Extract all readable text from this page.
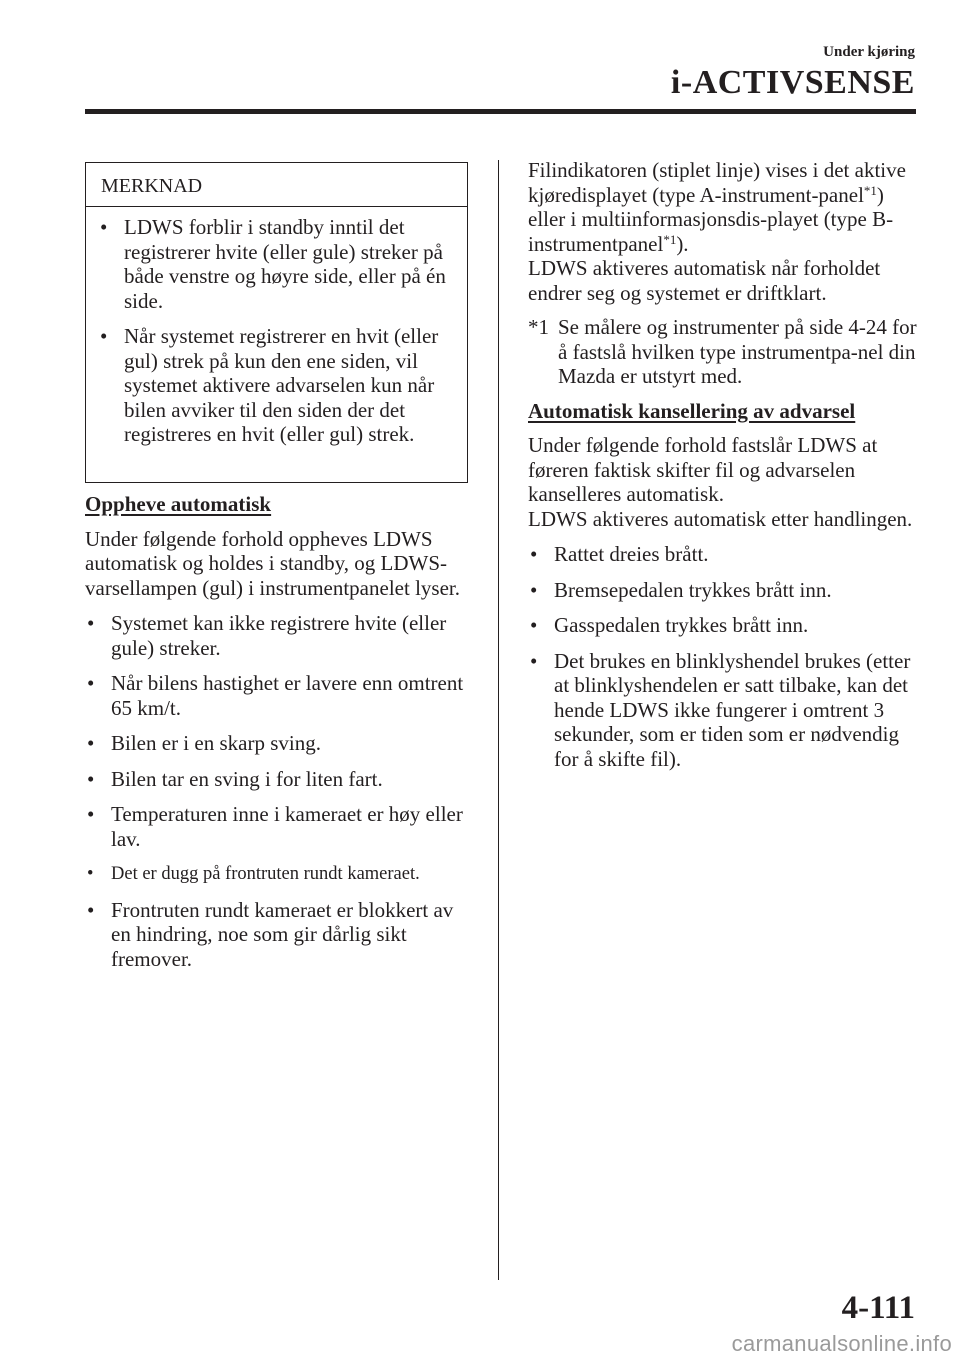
Under kjøring
i-ACTIVSENSE
MERKNAD
• LDWS forblir i standby inntil det registrerer hvite (eller gule) streker på både venstre og høyre side, eller på én side.
• Når systemet registrerer en hvit (eller gul) strek på kun den ene siden, vil systemet aktivere advarselen kun når bilen avviker til den siden der det registreres en hvit (eller gul) strek.
Oppheve automatisk

Under følgende forhold oppheves LDWS automatisk og holdes i standby, og LDWS-varsellampen (gul) i instrumentpanelet lyser.

• Systemet kan ikke registrere hvite (eller gule) streker.
• Når bilens hastighet er lavere enn omtrent 65 km/t.
• Bilen er i en skarp sving.
• Bilen tar en sving i for liten fart.
• Temperaturen inne i kameraet er høy eller lav.
• Det er dugg på frontruten rundt kameraet.
• Frontruten rundt kameraet er blokkert av en hindring, noe som gir dårlig sikt fremover.

Filindikatoren (stiplet linje) vises i det aktive kjøredisplayet (type A-instrument-panel$^{*1}$) eller i multiinformasjonsdis-playet (type B-instrumentpanel$^{*1}$).

LDWS aktiveres automatisk når forholdet endrer seg og systemet er driftklart.

*1 Se målere og instrumenter på side 4-24 for å fastslå hvilken type instrumentpa-nel din Mazda er utstyrt med.
Automatisk kansellering av advarsel

Under følgende forhold fastslår LDWS at føreren faktisk skifter fil og advarselen kanselleres automatisk.

LDWS aktiveres automatisk etter handlingen.

• Rattet dreies brått.
• Bremsepedalen trykkes brått inn.
• Gasspedalen trykkes brått inn.
• Det brukes en blinklyshendel brukes (etter at blinklyshendelen er satt tilbake, kan det hende LDWS ikke fungerer i omtrent 3 sekunder, som er tiden som er nødvendig for å skifte fil).
4-111
carmanualsonline.info
